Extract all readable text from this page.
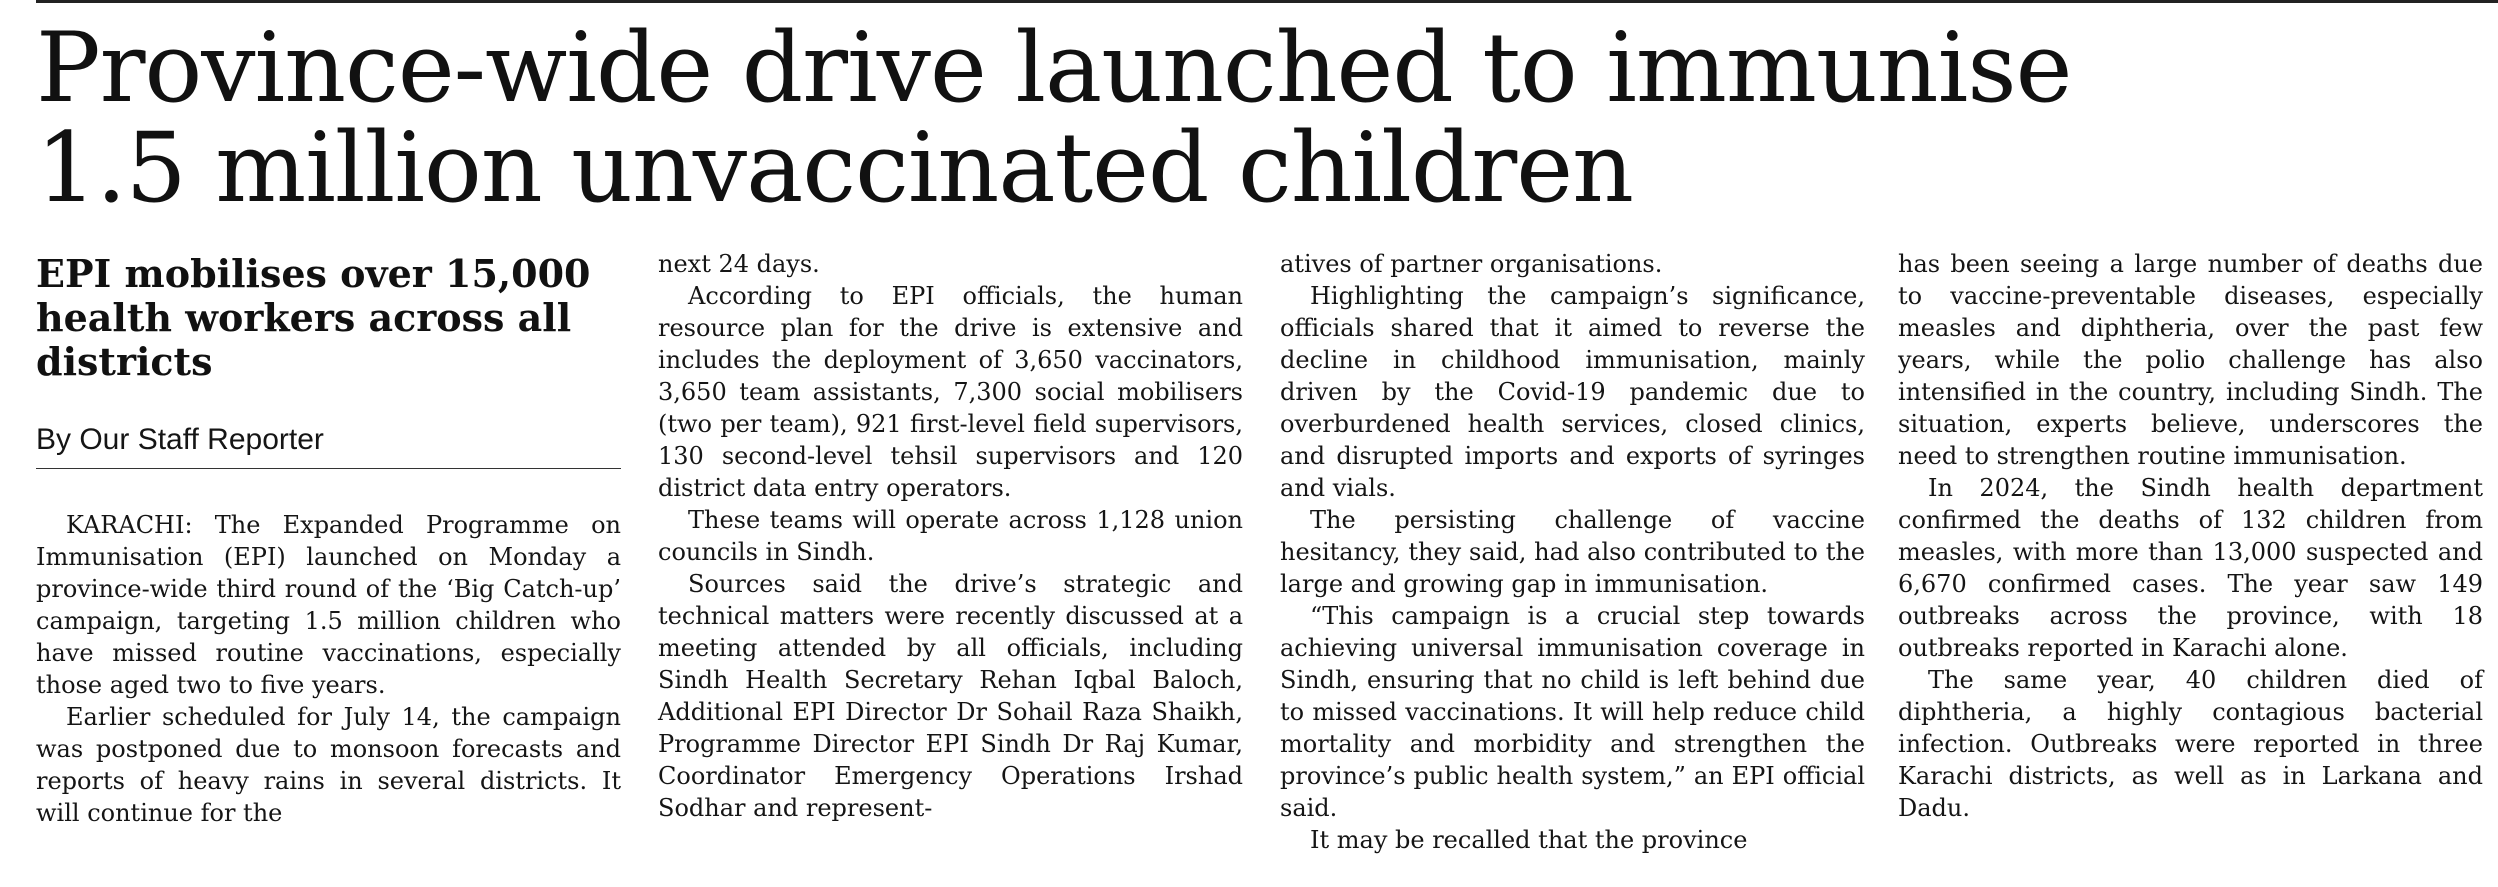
Province-wide drive launched to immunise
1.5 million unvaccinated children
EPI mobilises over 15,000 health workers across all districts
By Our Staff Reporter

KARACHI: The Expanded Programme on Immunisation (EPI) launched on Monday a province-wide third round of the ‘Big Catch-up’ campaign, targeting 1.5 million children who have missed routine vaccinations, especially those aged two to five years.

Earlier scheduled for July 14, the campaign was postponed due to monsoon forecasts and reports of heavy rains in several districts. It will continue for the

next 24 days.

According to EPI officials, the human resource plan for the drive is extensive and includes the deployment of 3,650 vaccinators, 3,650 team assistants, 7,300 social mobilisers (two per team), 921 first-level field supervisors, 130 second-level tehsil supervisors and 120 district data entry operators.

These teams will operate across 1,128 union councils in Sindh.

Sources said the drive’s strategic and technical matters were recently discussed at a meeting attended by all officials, including Sindh Health Secretary Rehan Iqbal Baloch, Additional EPI Director Dr Sohail Raza Shaikh, Programme Director EPI Sindh Dr Raj Kumar, Coordinator Emergency Operations Irshad Sodhar and represent-

atives of partner organisations.

Highlighting the campaign’s significance, officials shared that it aimed to reverse the decline in childhood immunisation, mainly driven by the Covid-19 pandemic due to overburdened health services, closed clinics, and disrupted imports and exports of syringes and vials.

The persisting challenge of vaccine hesitancy, they said, had also contributed to the large and growing gap in immunisation.

“This campaign is a crucial step towards achieving universal immunisation coverage in Sindh, ensuring that no child is left behind due to missed vaccinations. It will help reduce child mortality and morbidity and strengthen the province’s public health system,” an EPI official said.

It may be recalled that the province

has been seeing a large number of deaths due to vaccine-preventable diseases, especially measles and diphtheria, over the past few years, while the polio challenge has also intensified in the country, including Sindh. The situation, experts believe, underscores the need to strengthen routine immunisation.

In 2024, the Sindh health department confirmed the deaths of 132 children from measles, with more than 13,000 suspected and 6,670 confirmed cases. The year saw 149 outbreaks across the province, with 18 outbreaks reported in Karachi alone.

The same year, 40 children died of diphtheria, a highly contagious bacterial infection. Outbreaks were reported in three Karachi districts, as well as in Larkana and Dadu.
